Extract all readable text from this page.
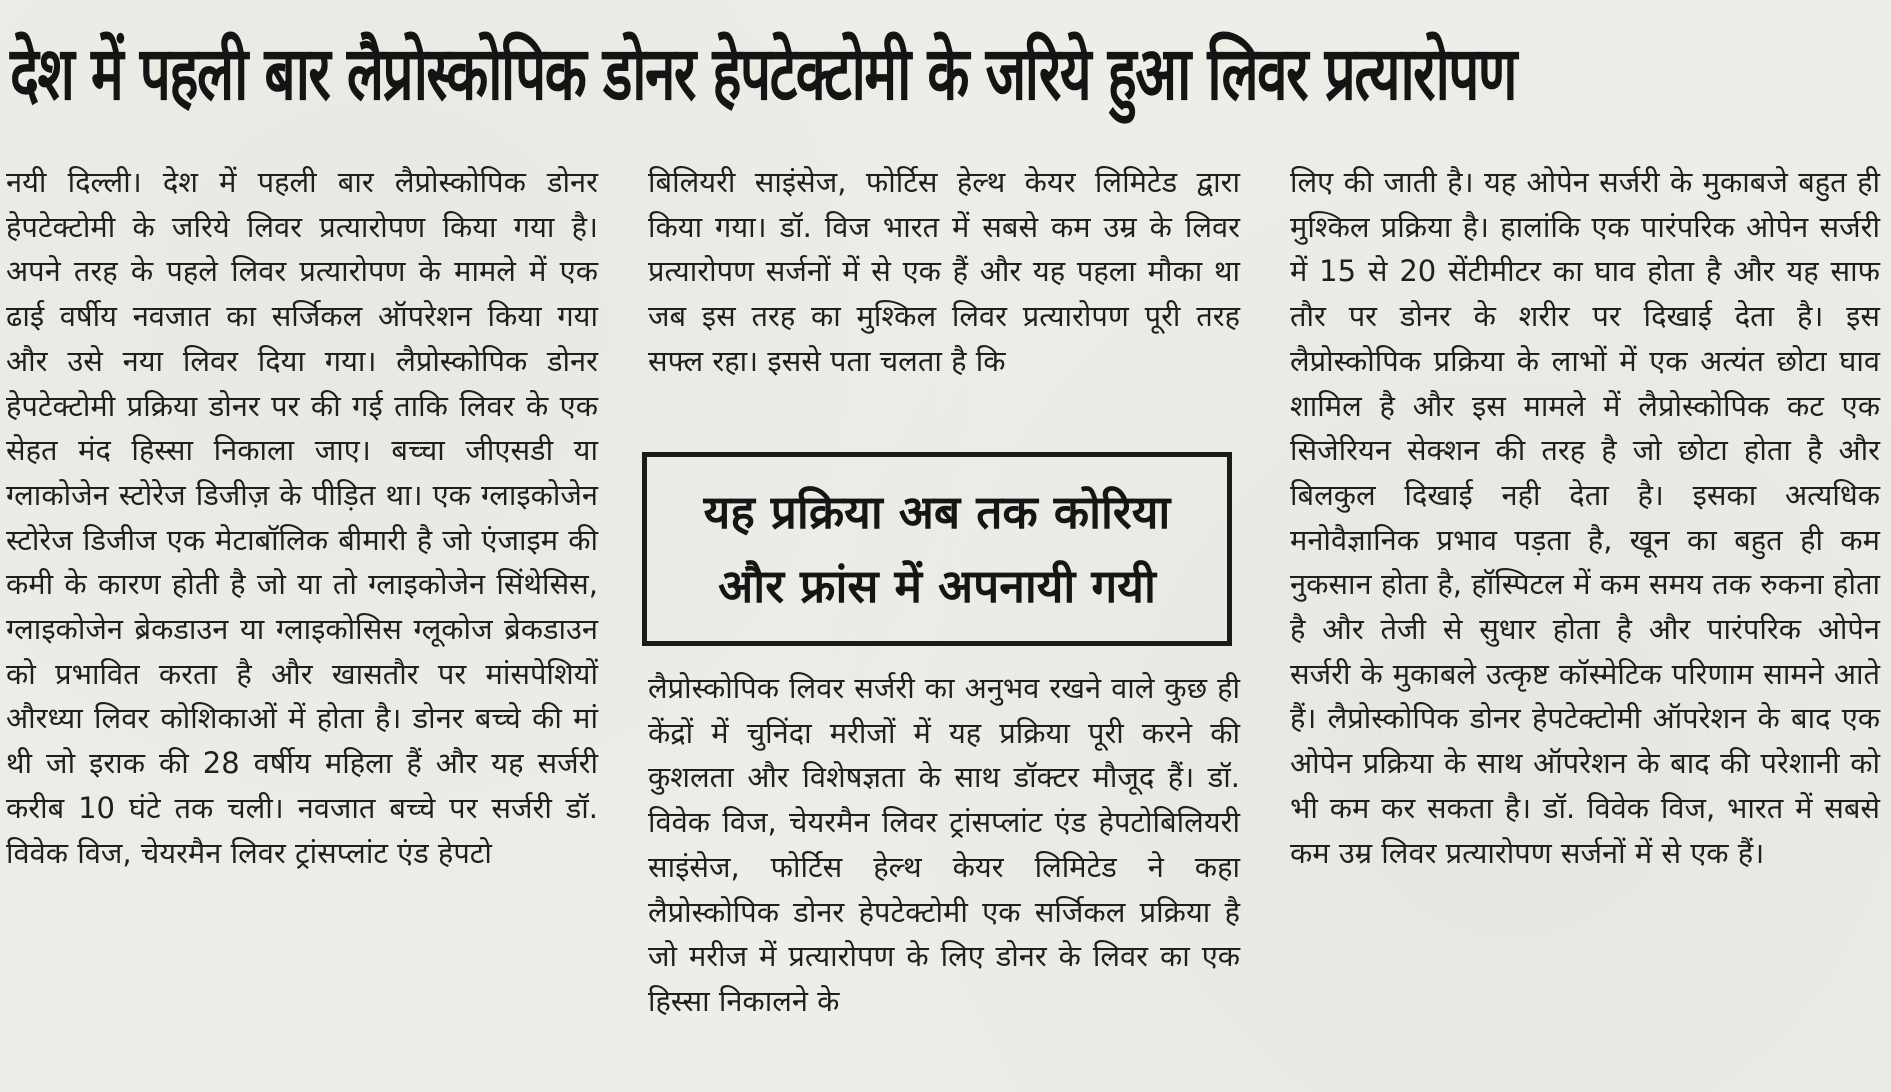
देश में पहली बार लैप्रोस्कोपिक डोनर हेपटेक्टोमी के जरिये हुआ लिवर प्रत्यारोपण

नयी दिल्ली। देश में पहली बार लैप्रोस्कोपिक डोनर हेपटेक्टोमी के जरिये लिवर प्रत्यारोपण किया गया है। अपने तरह के पहले लिवर प्रत्यारोपण के मामले में एक ढाई वर्षीय नवजात का सर्जिकल ऑपरेशन किया गया और उसे नया लिवर दिया गया। लैप्रोस्कोपिक डोनर हेपटेक्टोमी प्रक्रिया डोनर पर की गई ताकि लिवर के एक सेहत मंद हिस्सा निकाला जाए। बच्चा जीएसडी या ग्लाकोजेन स्टोरेज डिजीज़ के पीड़ित था। एक ग्लाइकोजेन स्टोरेज डिजीज एक मेटाबॉलिक बीमारी है जो एंजाइम की कमी के कारण होती है जो या तो ग्लाइकोजेन सिंथेसिस, ग्लाइकोजेन ब्रेकडाउन या ग्लाइकोसिस ग्लूकोज ब्रेकडाउन को प्रभावित करता है और खासतौर पर मांसपेशियों औरध्या लिवर कोशिकाओं में होता है। डोनर बच्चे की मां थी जो इराक की 28 वर्षीय महिला हैं और यह सर्जरी करीब 10 घंटे तक चली। नवजात बच्चे पर सर्जरी डॉ. विवेक विज, चेयरमैन लिवर ट्रांसप्लांट एंड हेपटो

बिलियरी साइंसेज, फोर्टिस हेल्थ केयर लिमिटेड द्वारा किया गया। डॉ. विज भारत में सबसे कम उम्र के लिवर प्रत्यारोपण सर्जनों में से एक हैं और यह पहला मौका था जब इस तरह का मुश्किल लिवर प्रत्यारोपण पूरी तरह सफ्ल रहा। इससे पता चलता है कि

यह प्रक्रिया अब तक कोरिया और फ्रांस में अपनायी गयी

लैप्रोस्कोपिक लिवर सर्जरी का अनुभव रखने वाले कुछ ही केंद्रों में चुनिंदा मरीजों में यह प्रक्रिया पूरी करने की कुशलता और विशेषज्ञता के साथ डॉक्टर मौजूद हैं। डॉ. विवेक विज, चेयरमैन लिवर ट्रांसप्लांट एंड हेपटोबिलियरी साइंसेज, फोर्टिस हेल्थ केयर लिमिटेड ने कहा लैप्रोस्कोपिक डोनर हेपटेक्टोमी एक सर्जिकल प्रक्रिया है जो मरीज में प्रत्यारोपण के लिए डोनर के लिवर का एक हिस्सा निकालने के

लिए की जाती है। यह ओपेन सर्जरी के मुकाबजे बहुत ही मुश्किल प्रक्रिया है। हालांकि एक पारंपरिक ओपेन सर्जरी में 15 से 20 सेंटीमीटर का घाव होता है और यह साफ तौर पर डोनर के शरीर पर दिखाई देता है। इस लैप्रोस्कोपिक प्रक्रिया के लाभों में एक अत्यंत छोटा घाव शामिल है और इस मामले में लैप्रोस्कोपिक कट एक सिजेरियन सेक्शन की तरह है जो छोटा होता है और बिलकुल दिखाई नही देता है। इसका अत्यधिक मनोवैज्ञानिक प्रभाव पड़ता है, खून का बहुत ही कम नुकसान होता है, हॉस्पिटल में कम समय तक रुकना होता है और तेजी से सुधार होता है और पारंपरिक ओपेन सर्जरी के मुकाबले उत्कृष्ट कॉस्मेटिक परिणाम सामने आते हैं। लैप्रोस्कोपिक डोनर हेपटेक्टोमी ऑपरेशन के बाद एक ओपेन प्रक्रिया के साथ ऑपरेशन के बाद की परेशानी को भी कम कर सकता है। डॉ. विवेक विज, भारत में सबसे कम उम्र लिवर प्रत्यारोपण सर्जनों में से एक हैं।
